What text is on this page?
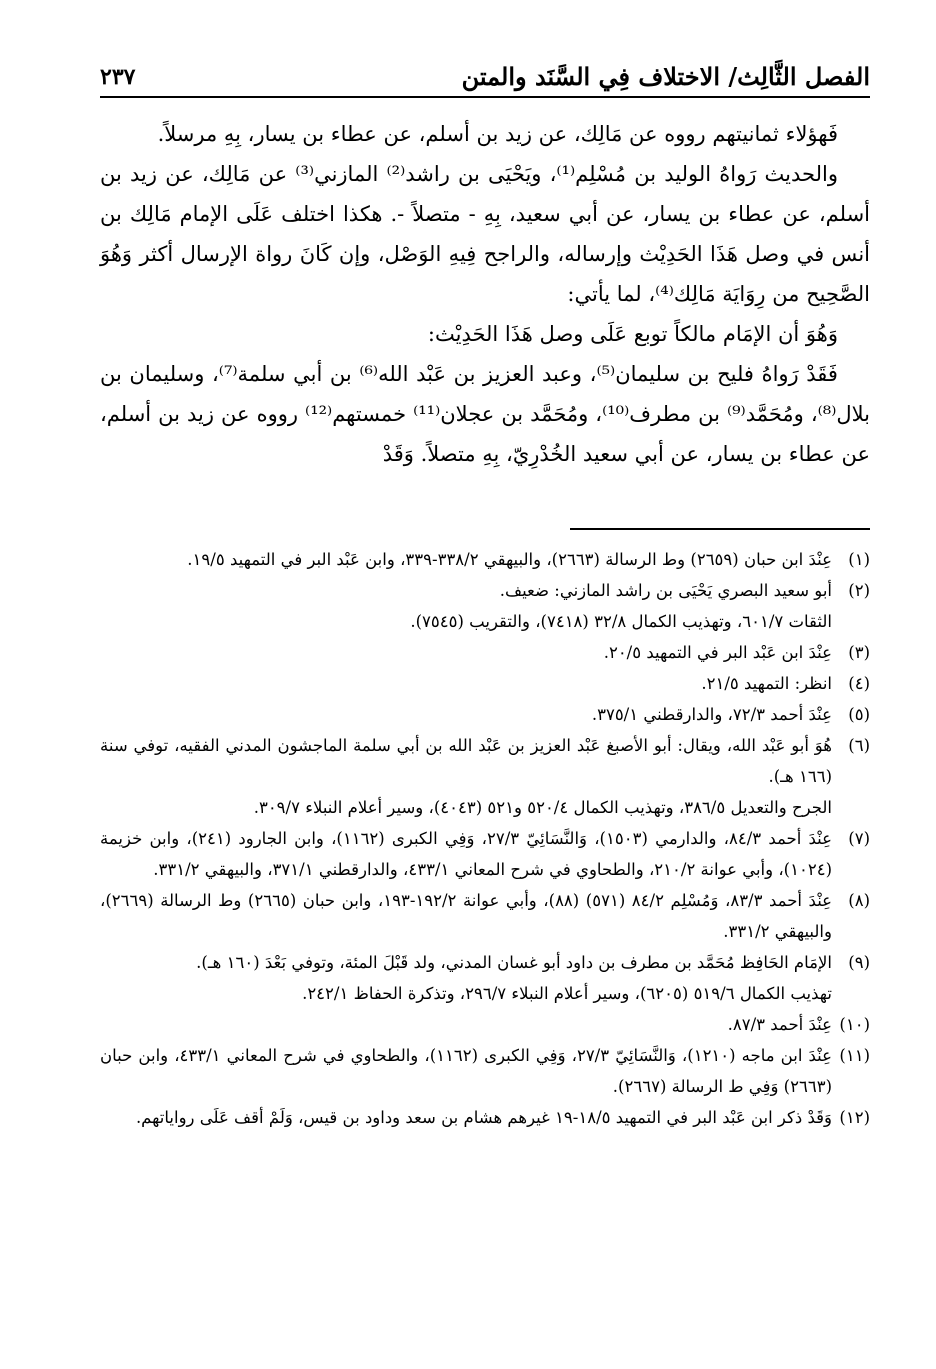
الفصل الثَّالِث/ الاختلاف فِي السَّنَد والمتن
٢٣٧

فَهؤلاء ثمانيتهم رووه عن مَالِك، عن زيد بن أسلم، عن عطاء بن يسار، بِهِ مرسلاً.

والحديث رَواهُ الوليد بن مُسْلِم⁽¹⁾، ويَحْيَى بن راشد⁽²⁾ المازني⁽³⁾ عن مَالِك، عن زيد بن أسلم، عن عطاء بن يسار، عن أبي سعيد، بِهِ - متصلاً -. هكذا اختلف عَلَى الإمام مَالِك بن أنس في وصل هَذَا الحَدِيْث وإرساله، والراجح فِيهِ الوَصْل، وإن كَانَ رواة الإرسال أكثر وَهُوَ الصَّحِيح من رِوَايَة مَالِك⁽⁴⁾، لما يأتي:

وَهُوَ أن الإمَام مالكاً توبع عَلَى وصل هَذَا الحَدِيْث:

فَقَدْ رَواهُ فليح بن سليمان⁽⁵⁾، وعبد العزيز بن عَبْد الله⁽⁶⁾ بن أبي سلمة⁽⁷⁾، وسليمان بن بلال⁽⁸⁾، ومُحَمَّد⁽⁹⁾ بن مطرف⁽¹⁰⁾، ومُحَمَّد بن عجلان⁽¹¹⁾ خمستهم⁽¹²⁾ رووه عن زيد بن أسلم، عن عطاء بن يسار، عن أبي سعيد الخُدْرِيّ، بِهِ متصلاً. وَقَدْ

(١)
عِنْدَ ابن حبان (٢٦٥٩) وط الرسالة (٢٦٦٣)، والبيهقي ٣٣٨/٢-٣٣٩، وابن عَبْد البر في التمهيد ١٩/٥.
(٢)
أبو سعيد البصري يَحْيَى بن راشد المازني: ضعيف.
الثقات ٦٠١/٧، وتهذيب الكمال ٣٢/٨ (٧٤١٨)، والتقريب (٧٥٤٥).
(٣)
عِنْدَ ابن عَبْد البر في التمهيد ٢٠/٥.
(٤)
انظر: التمهيد ٢١/٥.
(٥)
عِنْدَ أحمد ٧٢/٣، والدارقطني ٣٧٥/١.
(٦)
هُوَ أبو عَبْد الله، ويقال: أبو الأصبغ عَبْد العزيز بن عَبْد الله بن أبي سلمة الماجشون المدني الفقيه، توفي سنة (١٦٦ هـ).
الجرح والتعديل ٣٨٦/٥، وتهذيب الكمال ٥٢٠/٤ و٥٢١ (٤٠٤٣)، وسير أعلام النبلاء ٣٠٩/٧.
(٧)
عِنْدَ أحمد ٨٤/٣، والدارمي (١٥٠٣)، وَالنَّسَائِيّ ٢٧/٣، وَفِي الكبرى (١١٦٢)، وابن الجارود (٢٤١)، وابن خزيمة (١٠٢٤)، وأبي عوانة ٢١٠/٢، والطحاوي في شرح المعاني ٤٣٣/١، والدارقطني ٣٧١/١، والبيهقي ٣٣١/٢.
(٨)
عِنْدَ أحمد ٨٣/٣، وَمُسْلِم ٨٤/٢ (٥٧١) (٨٨)، وأبي عوانة ١٩٢/٢-١٩٣، وابن حبان (٢٦٦٥) وط الرسالة (٢٦٦٩)، والبيهقي ٣٣١/٢.
(٩)
الإمَام الحَافِظ مُحَمَّد بن مطرف بن داود أبو غسان المدني، ولد قَبْلَ المئة، وتوفي بَعْدَ (١٦٠ هـ).
تهذيب الكمال ٥١٩/٦ (٦٢٠٥)، وسير أعلام النبلاء ٢٩٦/٧، وتذكرة الحفاظ ٢٤٢/١.
(١٠)
عِنْدَ أحمد ٨٧/٣.
(١١)
عِنْدَ ابن ماجه (١٢١٠)، وَالنَّسَائِيّ ٢٧/٣، وَفِي الكبرى (١١٦٢)، والطحاوي في شرح المعاني ٤٣٣/١، وابن حبان (٢٦٦٣) وَفِي ط الرسالة (٢٦٦٧).
(١٢)
وَقَدْ ذكر ابن عَبْد البر في التمهيد ١٨/٥-١٩ غيرهم هشام بن سعد وداود بن قيس، وَلَمْ أقف عَلَى رواياتهم.
